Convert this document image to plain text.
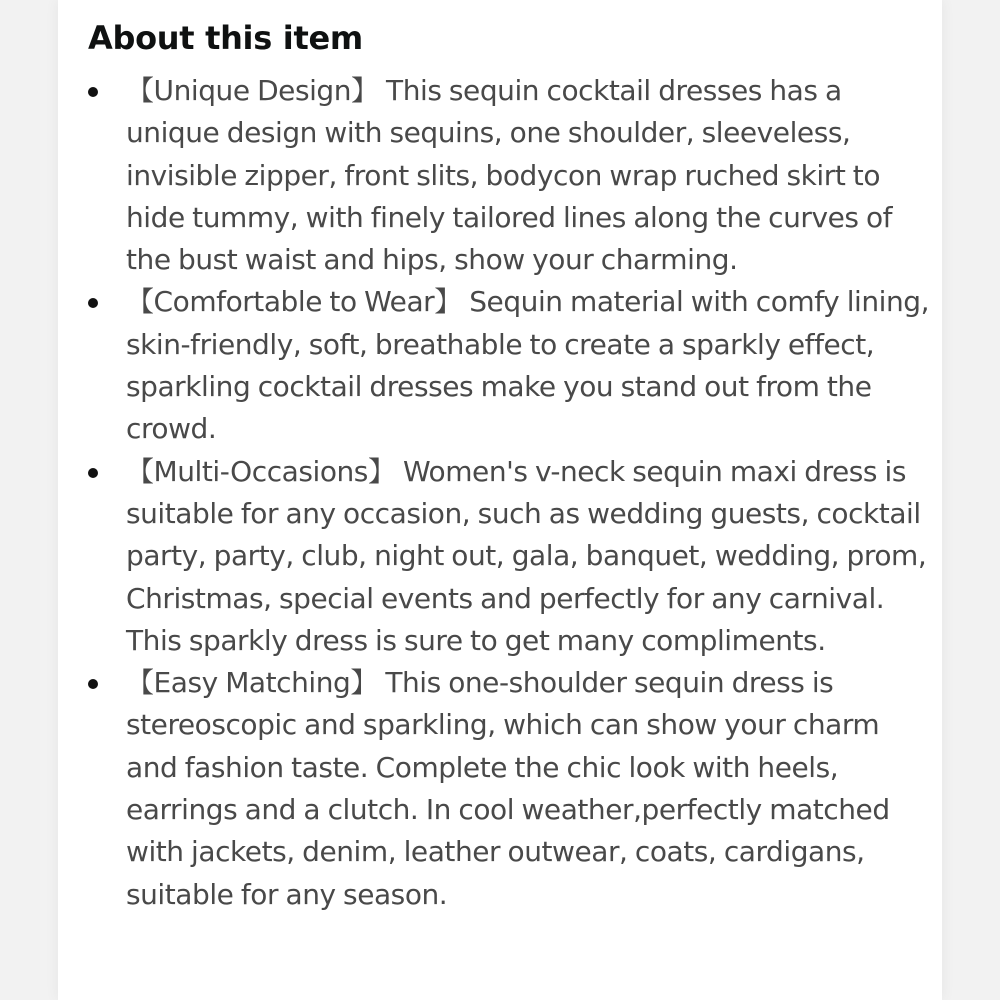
About this item
【Unique Design】 This sequin cocktail dresses has a unique design with sequins, one shoulder, sleeveless, invisible zipper, front slits, bodycon wrap ruched skirt to hide tummy, with finely tailored lines along the curves of the bust waist and hips, show your charming.
【Comfortable to Wear】 Sequin material with comfy lining, skin-friendly, soft, breathable to create a sparkly effect, sparkling cocktail dresses make you stand out from the crowd.
【Multi-Occasions】 Women's v-neck sequin maxi dress is suitable for any occasion, such as wedding guests, cocktail party, party, club, night out, gala, banquet, wedding, prom, Christmas, special events and perfectly for any carnival. This sparkly dress is sure to get many compliments.
【Easy Matching】 This one-shoulder sequin dress is stereoscopic and sparkling, which can show your charm and fashion taste. Complete the chic look with heels, earrings and a clutch. In cool weather,perfectly matched with jackets, denim, leather outwear, coats, cardigans, suitable for any season.
